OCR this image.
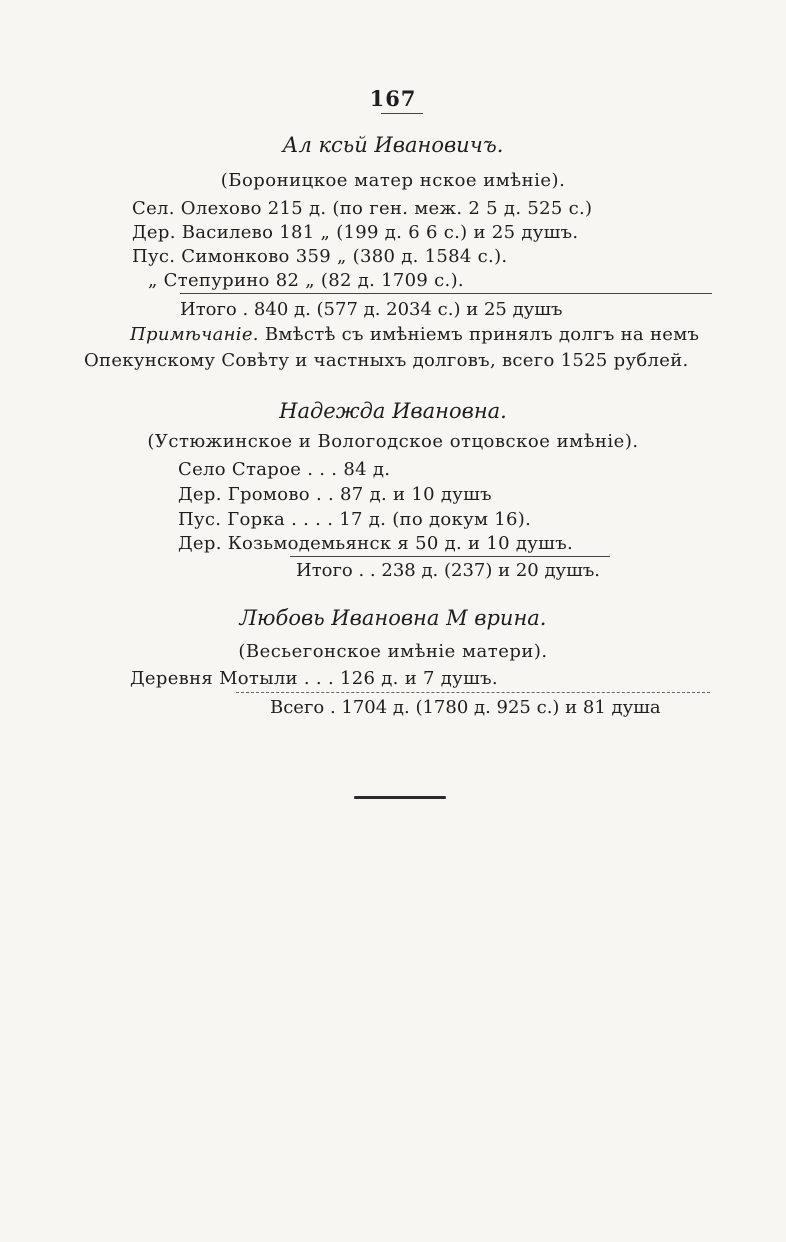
167
Ал ксьй Ивановичъ.
(Бороницкое матер нское имѣніе).
Сел. Олехово 215 д. (по ген. меж. 2 5 д. 525 с.)
Дер. Василево 181 „ (199 д. 6 6 с.) и 25 душъ.
Пус. Симонково 359 „ (380 д. 1584 с.).
„ Степурино 82 „ (82 д. 1709 с.).
Итого . 840 д. (577 д. 2034 с.) и 25 душъ
Примѣчаніе. Вмѣстѣ съ имѣніемъ принялъ долгъ на немъ
Опекунскому Совѣту и частныхъ долговъ, всего 1525 рублей.
Надежда Ивановна.
(Устюжинское и Вологодское отцовское имѣніе).
Село Старое . . . 84 д.
Дер. Громово . . 87 д. и 10 душъ
Пус. Горка . . . . 17 д. (по докум 16).
Дер. Козьмодемьянск я 50 д. и 10 душъ.
Итого . . 238 д. (237) и 20 душъ.
Любовь Ивановна М врина.
(Весьегонское имѣніе матери).
Деревня Мотыли . . . 126 д. и 7 душъ.
Всего . 1704 д. (1780 д. 925 с.) и 81 душа
